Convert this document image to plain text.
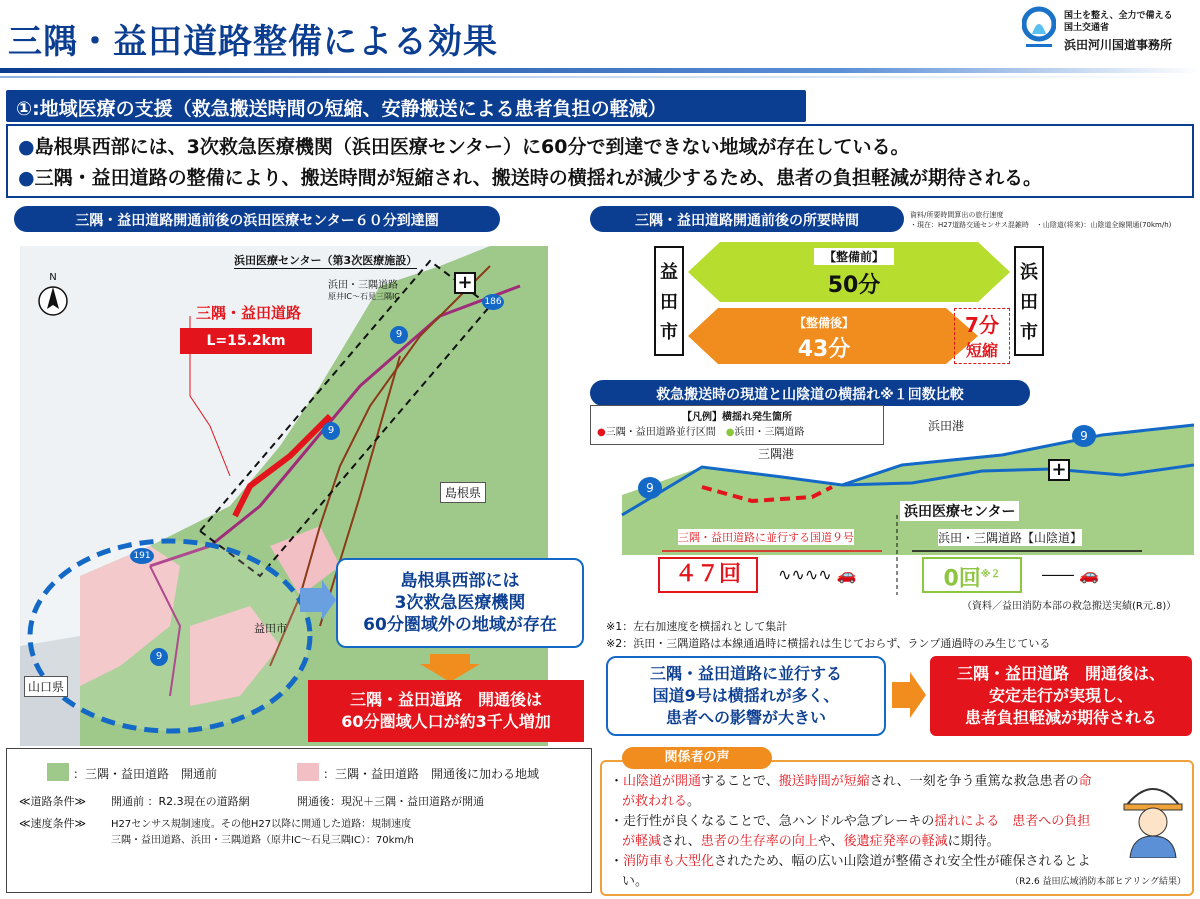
三隅・益田道路整備による効果
国土を整え、全力で備える
国土交通省
浜田河川国道事務所
①:地域医療の支援（救急搬送時間の短縮、安静搬送による患者負担の軽減）
●島根県西部には、3次救急医療機関（浜田医療センター）に60分で到達できない地域が存在している。
●三隅・益田道路の整備により、搬送時間が短縮され、搬送時の横揺れが減少するため、患者の負担軽減が期待される。
三隅・益田道路開通前後の浜田医療センター６０分到達圏
N
浜田医療センター（第3次医療施設）
浜田・三隅道路
原井IC～石見三隅IC
+
三隅・益田道路
L=15.2km
186
9
9
191
9
島根県
益田市
山口県
島根県西部には
3次救急医療機関
60分圏域外の地域が存在
三隅・益田道路　開通後は
60分圏域人口が約3千人増加
：三隅・益田道路　開通前	：三隅・益田道路　開通後に加わる地域
≪道路条件≫ 開通前 ：R2.3現在の道路網	開通後：現況＋三隅・益田道路が開通
≪速度条件≫ H27センサス規制速度。その他H27以降に開通した道路：規制速度
三隅・益田道路、浜田・三隅道路（原井IC～石見三隅IC）：70km/h
三隅・益田道路開通前後の所要時間	資料/所要時間算出の旅行速度
・現在：H27道路交通センサス混雑時　・山陰道(将来)：山陰道全線開通(70km/h)
益
田
市
浜
田
市
【整備前】
50分
【整備後】
43分
7分
短縮
救急搬送時の現道と山陰道の横揺れ※１回数比較
【凡例】横揺れ発生箇所
●三隅・益田道路並行区間　 ●浜田・三隅道路
三隅港
浜田港
+
浜田医療センター
9
9
三隅・益田道路に並行する国道９号	浜田・三隅道路【山陰道】
４７回	∿∿∿∿ 🚗	0回$^{※2}$	―― 🚗
（資料／益田消防本部の救急搬送実績(R元.8)）
※1：左右加速度を横揺れとして集計
※2：浜田・三隅道路は本線通過時に横揺れは生じておらず、ランプ通過時のみ生じている
三隅・益田道路に並行する
国道9号は横揺れが多く、
患者への影響が大きい
三隅・益田道路　開通後は、
安定走行が実現し、
患者負担軽減が期待される
・山陰道が開通することで、搬送時間が短縮され、一刻を争う重篤な救急患者の命が救われる。
・走行性が良くなることで、急ハンドルや急ブレーキの揺れによる　患者への負担が軽減され、患者の生存率の向上や、後遺症発率の軽減に期待。
・消防車も大型化されたため、幅の広い山陰道が整備され安全性が確保されるとよい。	（R2.6 益田広域消防本部ヒアリング結果）
関係者の声
